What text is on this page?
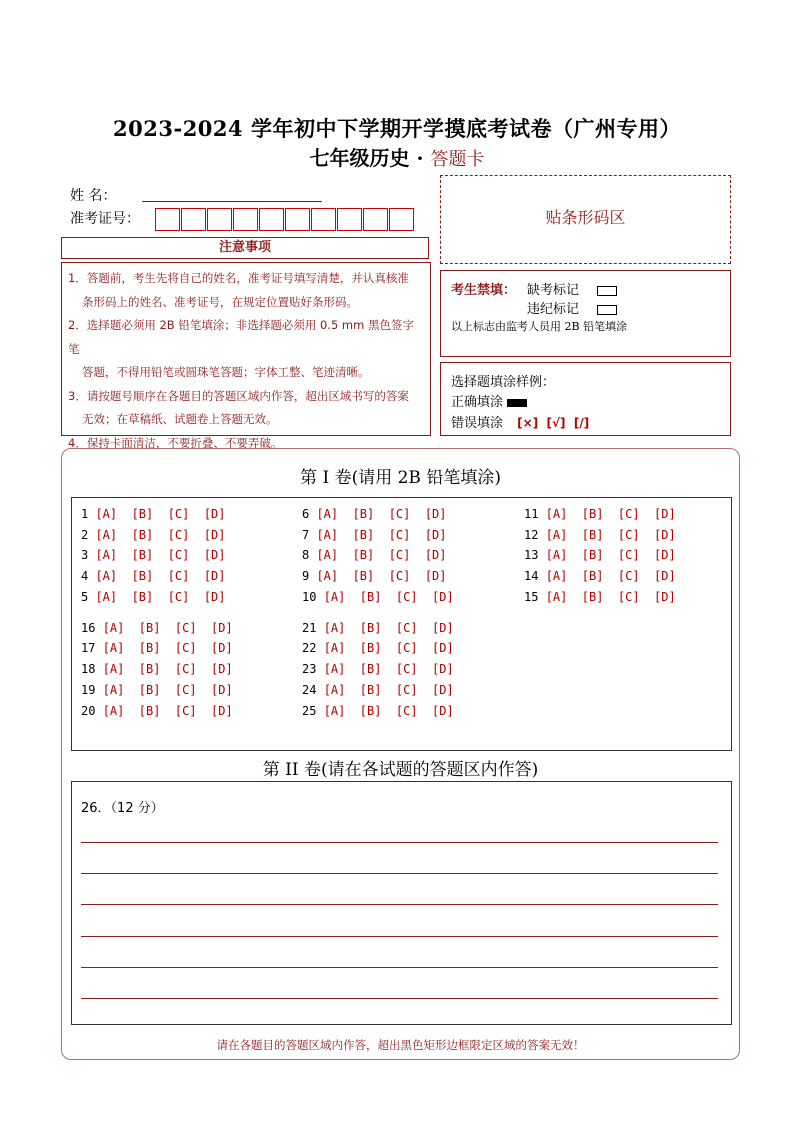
2023-2024 学年初中下学期开学摸底考试卷（广州专用）
七年级历史 · 答题卡
姓 名：
准考证号：
注意事项

1．答题前，考生先将自己的姓名，准考证号填写清楚，并认真核准

条形码上的姓名、准考证号，在规定位置贴好条形码。

2．选择题必须用 2B 铅笔填涂；非选择题必须用 0.5 mm 黑色签字笔

答题，不得用铅笔或圆珠笔答题；字体工整、笔迹清晰。

3．请按题号顺序在各题目的答题区域内作答，超出区域书写的答案

无效；在草稿纸、试题卷上答题无效。

4．保持卡面清洁，不要折叠、不要弄破。

贴条形码区
考生禁填： 缺考标记
违纪标记
以上标志由监考人员用 2B 铅笔填涂
选择题填涂样例：
正确填涂
错误填涂 [×]  [√]  [/]
第 I 卷(请用 2B 铅笔填涂)
1 [A]  [B]  [C]  [D]
2 [A]  [B]  [C]  [D]
3 [A]  [B]  [C]  [D]
4 [A]  [B]  [C]  [D]
5 [A]  [B]  [C]  [D]
6 [A]  [B]  [C]  [D]
7 [A]  [B]  [C]  [D]
8 [A]  [B]  [C]  [D]
9 [A]  [B]  [C]  [D]
10 [A]  [B]  [C]  [D]
11 [A]  [B]  [C]  [D]
12 [A]  [B]  [C]  [D]
13 [A]  [B]  [C]  [D]
14 [A]  [B]  [C]  [D]
15 [A]  [B]  [C]  [D]
16 [A]  [B]  [C]  [D]
17 [A]  [B]  [C]  [D]
18 [A]  [B]  [C]  [D]
19 [A]  [B]  [C]  [D]
20 [A]  [B]  [C]  [D]
21 [A]  [B]  [C]  [D]
22 [A]  [B]  [C]  [D]
23 [A]  [B]  [C]  [D]
24 [A]  [B]  [C]  [D]
25 [A]  [B]  [C]  [D]
第 II 卷(请在各试题的答题区内作答)
26．（12 分）
请在各题目的答题区域内作答，超出黑色矩形边框限定区域的答案无效！
